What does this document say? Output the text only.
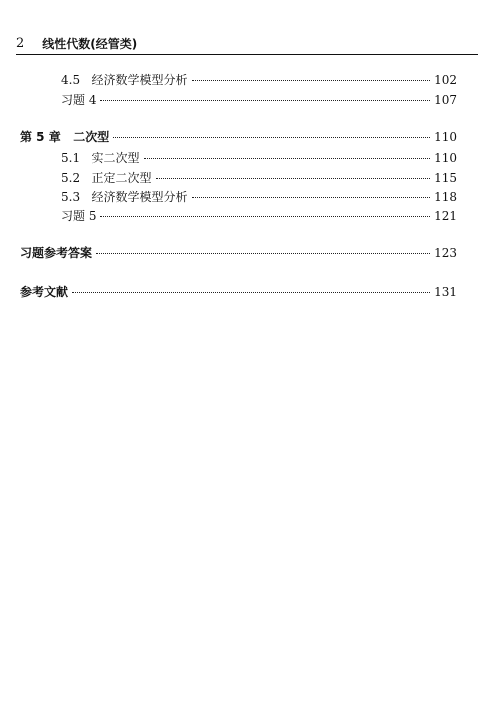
2 线性代数(经管类)
4.5   经济数学模型分析	102
习题 4	107
第 5 章   二次型	110
5.1   实二次型	110
5.2   正定二次型	115
5.3   经济数学模型分析	118
习题 5	121
习题参考答案	123
参考文献	131
